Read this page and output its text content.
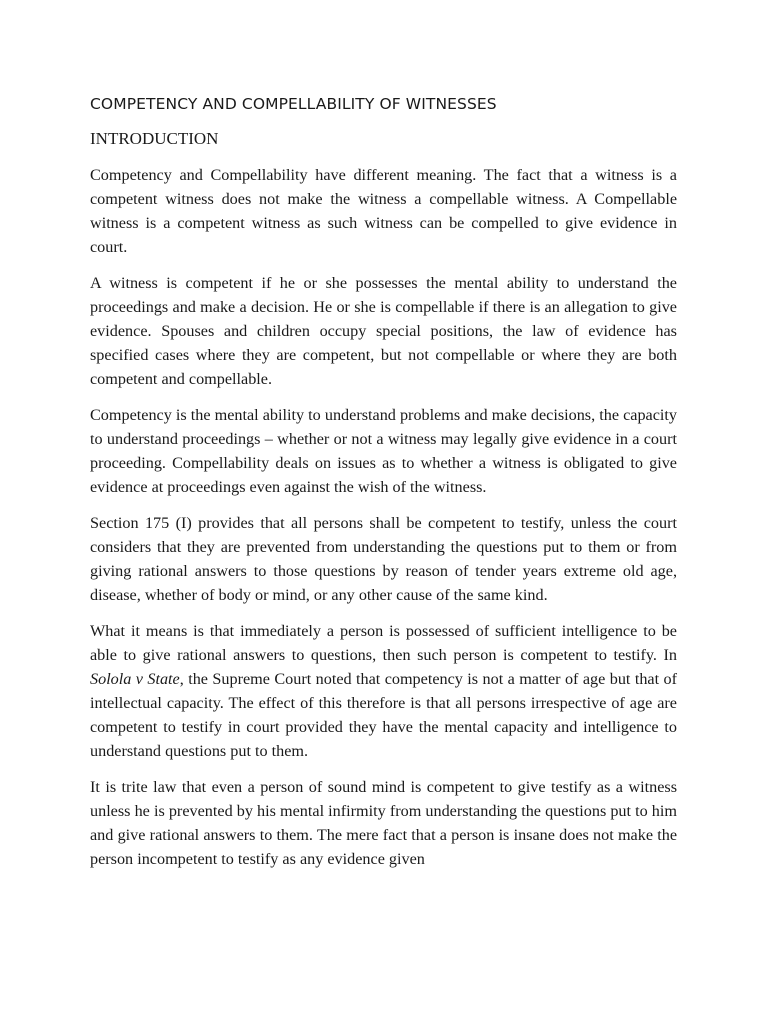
COMPETENCY AND COMPELLABILITY OF WITNESSES
INTRODUCTION

Competency and Compellability have different meaning. The fact that a witness is a competent witness does not make the witness a compellable witness. A Compellable witness is a competent witness as such witness can be compelled to give evidence in court.

A witness is competent if he or she possesses the mental ability to understand the proceedings and make a decision. He or she is compellable if there is an allegation to give evidence. Spouses and children occupy special positions, the law of evidence has specified cases where they are competent, but not compellable or where they are both competent and compellable.

Competency is the mental ability to understand problems and make decisions, the capacity to understand proceedings – whether or not a witness may legally give evidence in a court proceeding. Compellability deals on issues as to whether a witness is obligated to give evidence at proceedings even against the wish of the witness.

Section 175 (I) provides that all persons shall be competent to testify, unless the court considers that they are prevented from understanding the questions put to them or from giving rational answers to those questions by reason of tender years extreme old age, disease, whether of body or mind, or any other cause of the same kind.

What it means is that immediately a person is possessed of sufficient intelligence to be able to give rational answers to questions, then such person is competent to testify. In Solola v State, the Supreme Court noted that competency is not a matter of age but that of intellectual capacity. The effect of this therefore is that all persons irrespective of age are competent to testify in court provided they have the mental capacity and intelligence to understand questions put to them.

It is trite law that even a person of sound mind is competent to give testify as a witness unless he is prevented by his mental infirmity from understanding the questions put to him and give rational answers to them. The mere fact that a person is insane does not make the person incompetent to testify as any evidence given
